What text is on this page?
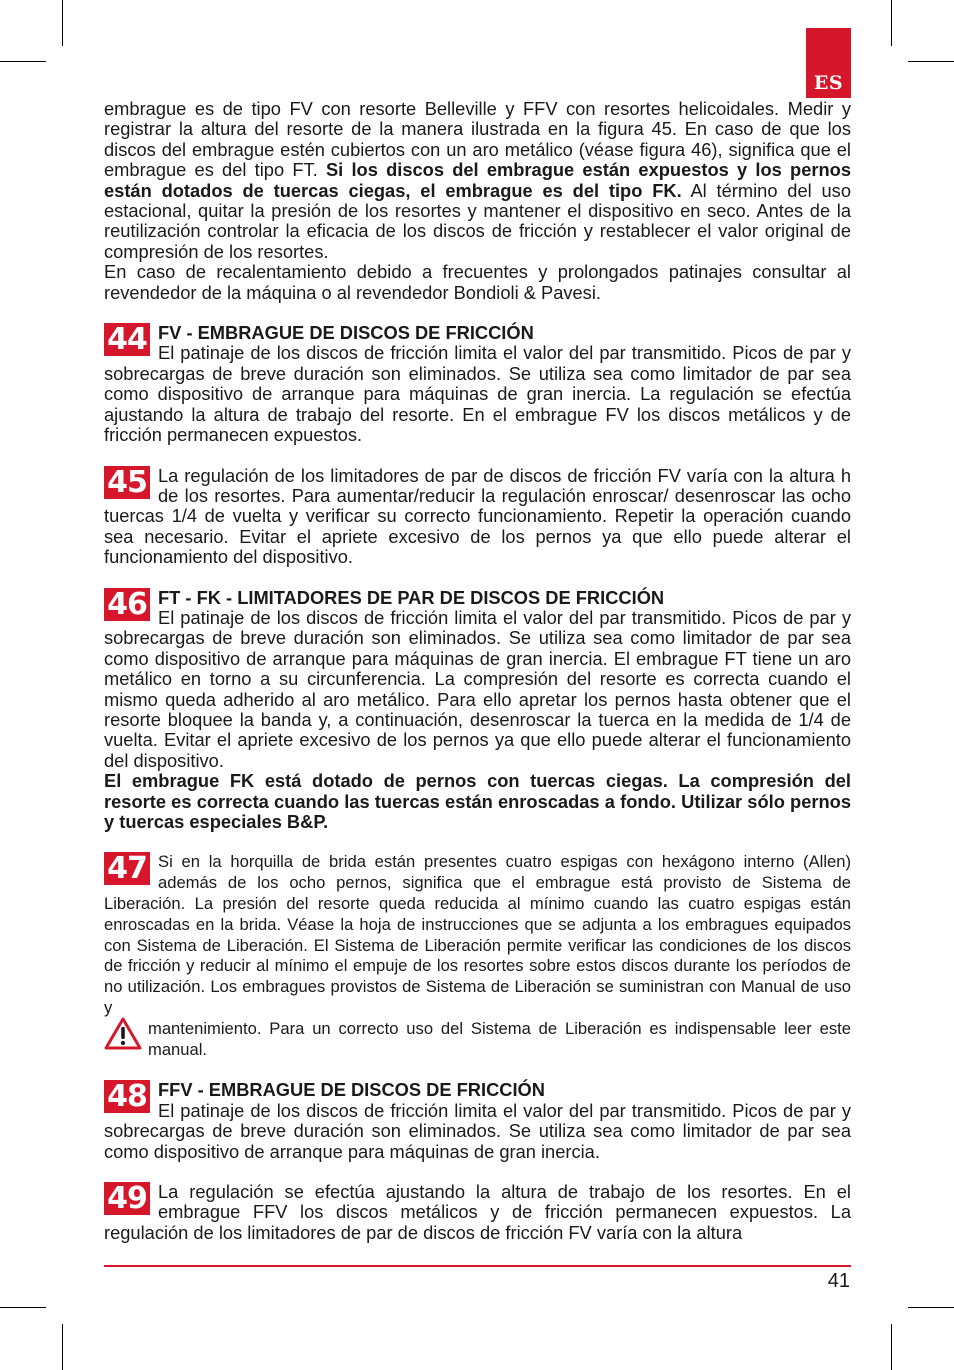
ES

embrague es de tipo FV con resorte Belleville y FFV con resortes helicoidales. Medir y registrar la altura del resorte de la manera ilustrada en la figura 45. En caso de que los discos del embrague estén cubiertos con un aro metálico (véase figura 46), significa que el embrague es del tipo FT. Si los discos del embrague están expuestos y los pernos están dotados de tuercas ciegas, el embrague es del tipo FK. Al término del uso estacional, quitar la presión de los resortes y mantener el dispositivo en seco. Antes de la reutilización controlar la eficacia de los discos de fricción y restablecer el valor original de compresión de los resortes.

En caso de recalentamiento debido a frecuentes y prolongados patinajes consultar al revendedor de la máquina o al revendedor Bondioli & Pavesi.

44 FV - EMBRAGUE DE DISCOS DE FRICCIÓN
El patinaje de los discos de fricción limita el valor del par transmitido. Picos de par y sobrecargas de breve duración son eliminados. Se utiliza sea como limitador de par sea como dispositivo de arranque para máquinas de gran inercia. La regulación se efectúa ajustando la altura de trabajo del resorte. En el embrague FV los discos metálicos y de fricción permanecen expuestos.

45 La regulación de los limitadores de par de discos de fricción FV varía con la altura h de los resortes. Para aumentar/reducir la regulación enroscar/ desenroscar las ocho tuercas 1/4 de vuelta y verificar su correcto funcionamiento. Repetir la operación cuando sea necesario. Evitar el apriete excesivo de los pernos ya que ello puede alterar el funcionamiento del dispositivo.

46 FT - FK - LIMITADORES DE PAR DE DISCOS DE FRICCIÓN
El patinaje de los discos de fricción limita el valor del par transmitido. Picos de par y sobrecargas de breve duración son eliminados. Se utiliza sea como limitador de par sea como dispositivo de arranque para máquinas de gran inercia. El embrague FT tiene un aro metálico en torno a su circunferencia. La compresión del resorte es correcta cuando el mismo queda adherido al aro metálico. Para ello apretar los pernos hasta obtener que el resorte bloquee la banda y, a continuación, desenroscar la tuerca en la medida de 1/4 de vuelta. Evitar el apriete excesivo de los pernos ya que ello puede alterar el funcionamiento del dispositivo.

El embrague FK está dotado de pernos con tuercas ciegas. La compresión del resorte es correcta cuando las tuercas están enroscadas a fondo. Utilizar sólo pernos y tuercas especiales B&P.

47 Si en la horquilla de brida están presentes cuatro espigas con hexágono interno (Allen) además de los ocho pernos, significa que el embrague está provisto de Sistema de Liberación. La presión del resorte queda reducida al mínimo cuando las cuatro espigas están enroscadas en la brida. Véase la hoja de instrucciones que se adjunta a los embragues equipados con Sistema de Liberación. El Sistema de Liberación permite verificar las condiciones de los discos de fricción y reducir al mínimo el empuje de los resortes sobre estos discos durante los períodos de no utilización. Los embragues provistos de Sistema de Liberación se suministran con Manual de uso y

mantenimiento. Para un correcto uso del Sistema de Liberación es indispensable leer este manual.

48 FFV - EMBRAGUE DE DISCOS DE FRICCIÓN
El patinaje de los discos de fricción limita el valor del par transmitido. Picos de par y sobrecargas de breve duración son eliminados. Se utiliza sea como limitador de par sea como dispositivo de arranque para máquinas de gran inercia.

49 La regulación se efectúa ajustando la altura de trabajo de los resortes. En el embrague FFV los discos metálicos y de fricción permanecen expuestos. La regulación de los limitadores de par de discos de fricción FV varía con la altura

41
